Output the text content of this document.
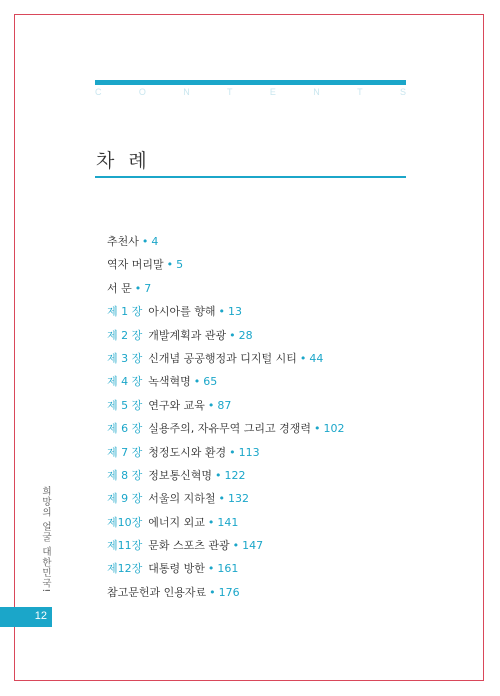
C	O	N	T	E	N	T	S
차 례
추천사 • 4
역자 머리말 • 5
서 문 • 7
제 1 장 아시아를 향해 • 13
제 2 장 개발계획과 관광 • 28
제 3 장 신개념 공공행정과 디지털 시티 • 44
제 4 장 녹색혁명 • 65
제 5 장 연구와 교육 • 87
제 6 장 실용주의, 자유무역 그리고 경쟁력 • 102
제 7 장 청정도시와 환경 • 113
제 8 장 정보통신혁명 • 122
제 9 장 서울의 지하철 • 132
제10장 에너지 외교 • 141
제11장 문화 스포츠 관광 • 147
제12장 대통령 방한 • 161
참고문헌과 인용자료 • 176
희망의 얼굴 대한민국!
12
